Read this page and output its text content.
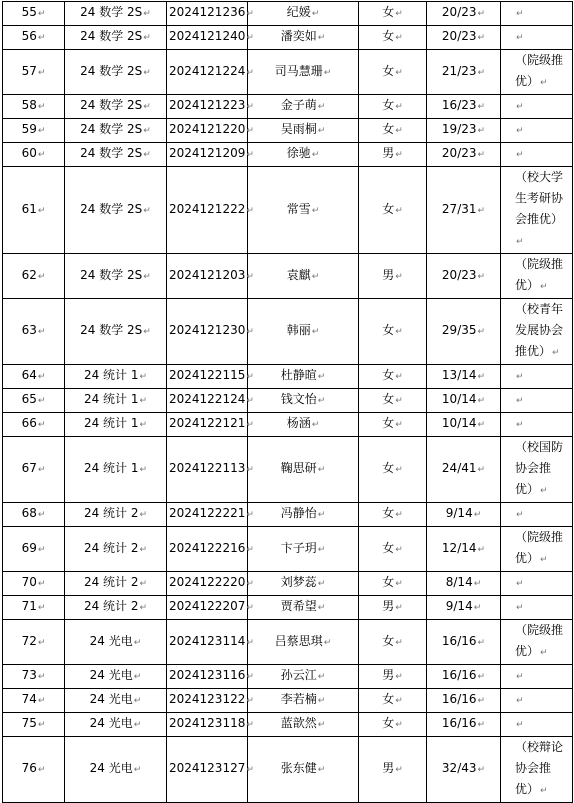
55↵	24 数学 2S↵	2024121236↵	纪媛↵	女↵	20/23↵	↵
56↵	24 数学 2S↵	2024121240↵	潘奕如↵	女↵	20/23↵	↵
57↵	24 数学 2S↵	2024121224↵	司马慧珊↵	女↵	21/23↵	（院级推优）↵
58↵	24 数学 2S↵	2024121223↵	金子萌↵	女↵	16/23↵	↵
59↵	24 数学 2S↵	2024121220↵	吴雨桐↵	女↵	19/23↵	↵
60↵	24 数学 2S↵	2024121209↵	徐驰↵	男↵	20/23↵	↵
61↵	24 数学 2S↵	2024121222↵	常雪↵	女↵	27/31↵	（校大学生考研协会推优）↵
62↵	24 数学 2S↵	2024121203↵	袁麒↵	男↵	20/23↵	（院级推优）↵
63↵	24 数学 2S↵	2024121230↵	韩丽↵	女↵	29/35↵	（校青年发展协会推优）↵
64↵	24 统计 1↵	2024122115↵	杜静暄↵	女↵	13/14↵	↵
65↵	24 统计 1↵	2024122124↵	钱文怡↵	女↵	10/14↵	↵
66↵	24 统计 1↵	2024122121↵	杨涵↵	女↵	10/14↵	↵
67↵	24 统计 1↵	2024122113↵	鞠思研↵	女↵	24/41↵	（校国防协会推优）↵
68↵	24 统计 2↵	2024122221↵	冯静怡↵	女↵	9/14↵	↵
69↵	24 统计 2↵	2024122216↵	卞子玥↵	女↵	12/14↵	（院级推优）↵
70↵	24 统计 2↵	2024122220↵	刘梦蕊↵	女↵	8/14↵	↵
71↵	24 统计 2↵	2024122207↵	贾希望↵	男↵	9/14↵	↵
72↵	24 光电↵	2024123114↵	吕蔡思琪↵	女↵	16/16↵	（院级推优）↵
73↵	24 光电↵	2024123116↵	孙云江↵	男↵	16/16↵	↵
74↵	24 光电↵	2024123122↵	李若楠↵	女↵	16/16↵	↵
75↵	24 光电↵	2024123118↵	蓝歆然↵	女↵	16/16↵	↵
76↵	24 光电↵	2024123127↵	张东健↵	男↵	32/43↵	（校辩论协会推优）↵
